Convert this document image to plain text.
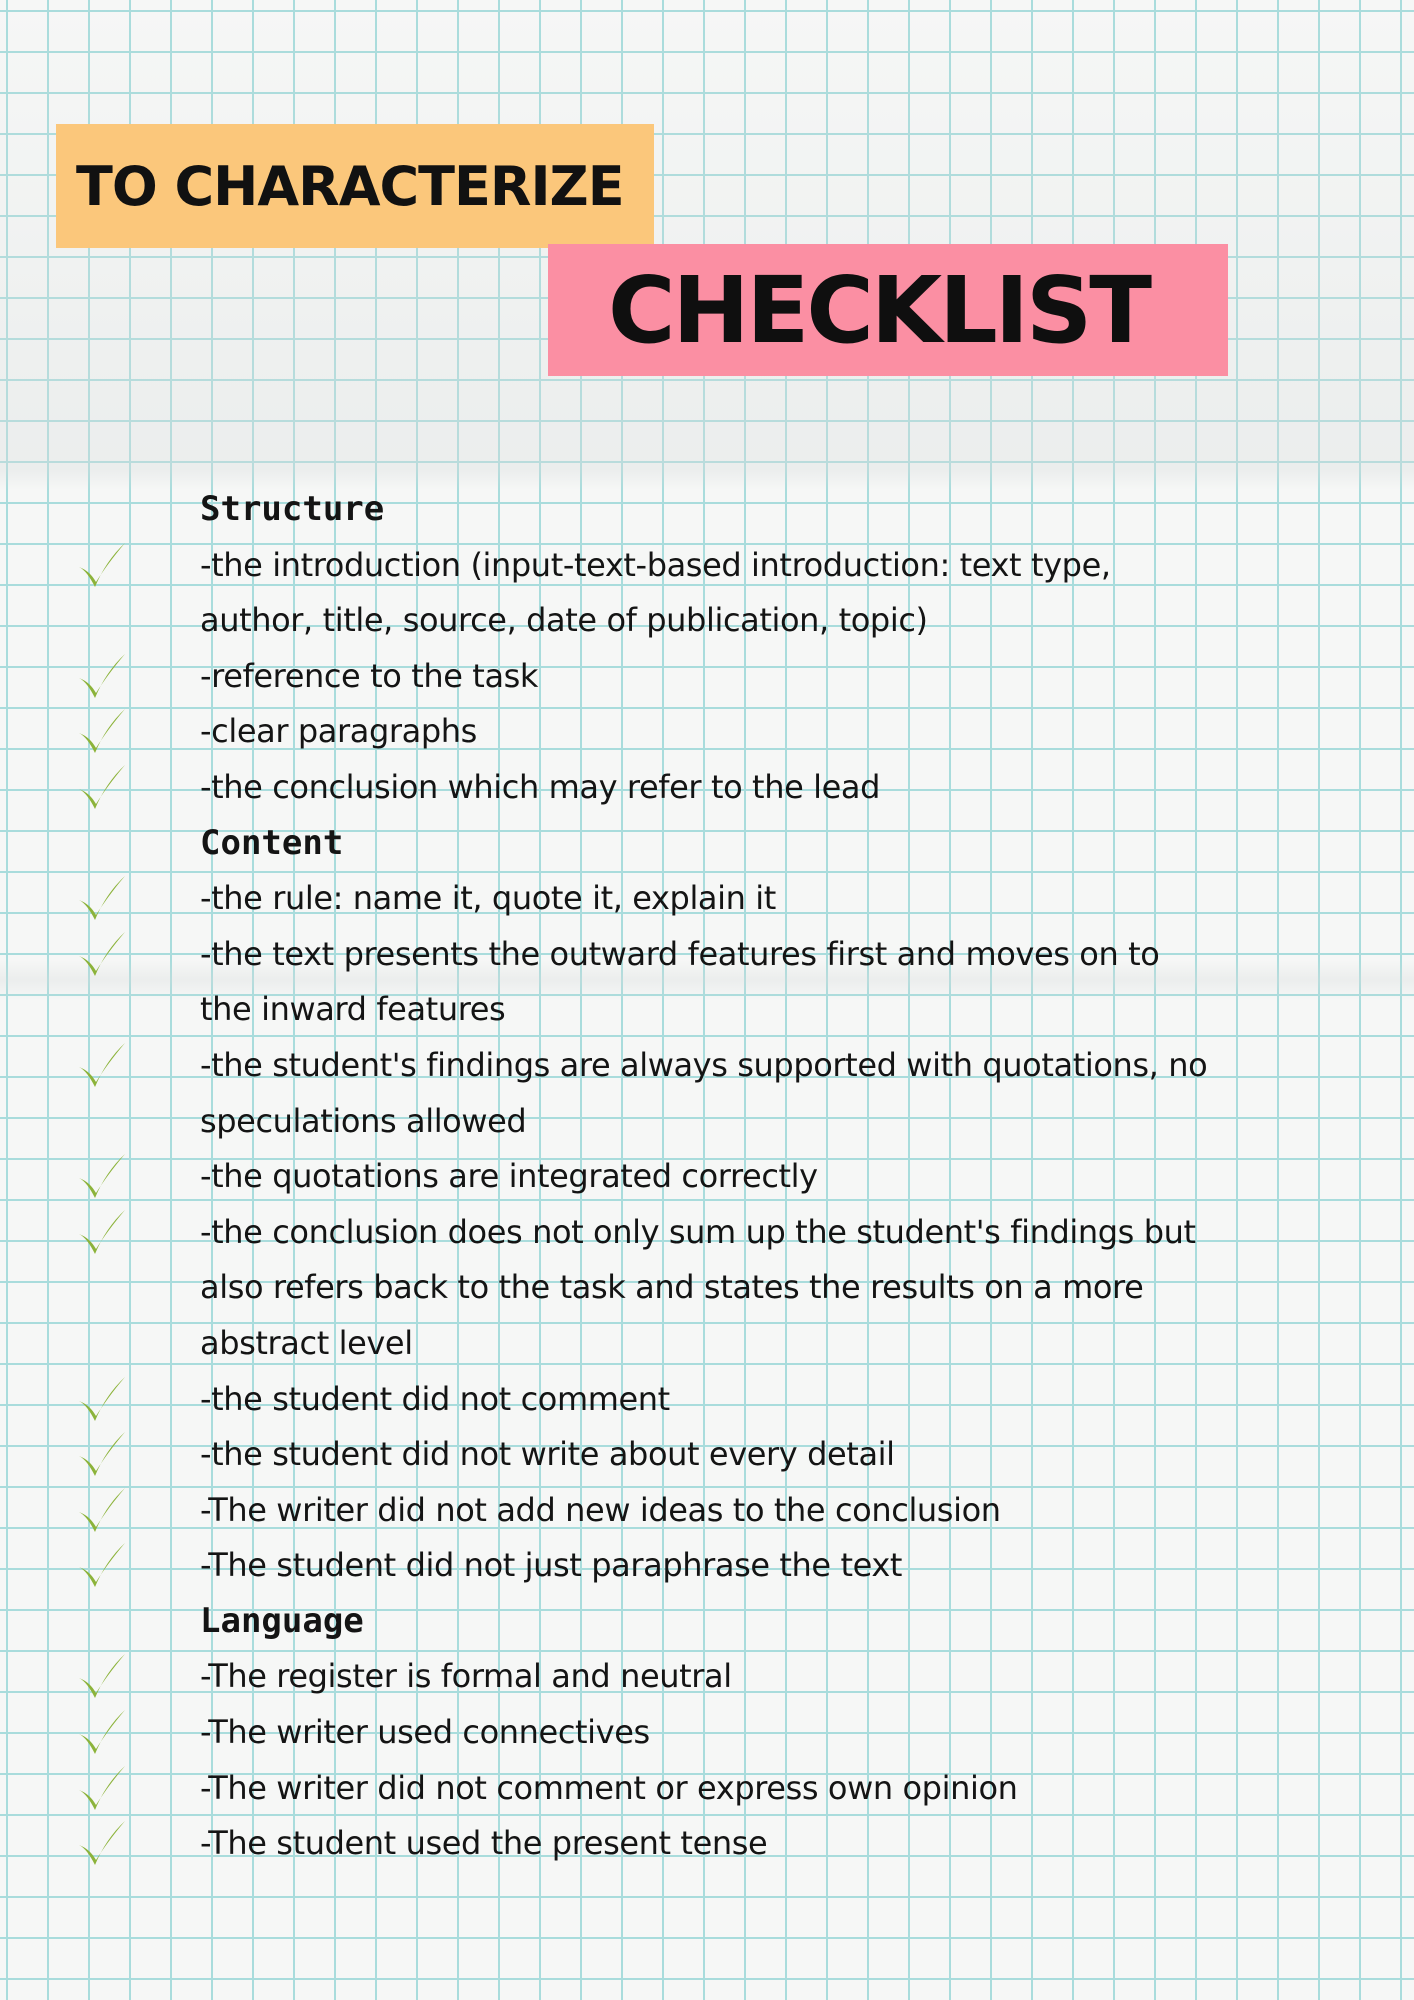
TO CHARACTERIZE
CHECKLIST
Structure
-the introduction (input-text-based introduction: text type,
author, title, source, date of publication, topic)
-reference to the task
-clear paragraphs
-the conclusion which may refer to the lead
Content
-the rule: name it, quote it, explain it
-the text presents the outward features first and moves on to
the inward features
-the student's findings are always supported with quotations, no
speculations allowed
-the quotations are integrated correctly
-the conclusion does not only sum up the student's findings but
also refers back to the task and states the results on a more
abstract level
-the student did not comment
-the student did not write about every detail
-The writer did not add new ideas to the conclusion
-The student did not just paraphrase the text
Language
-The register is formal and neutral
-The writer used connectives
-The writer did not comment or express own opinion
-The student used the present tense
